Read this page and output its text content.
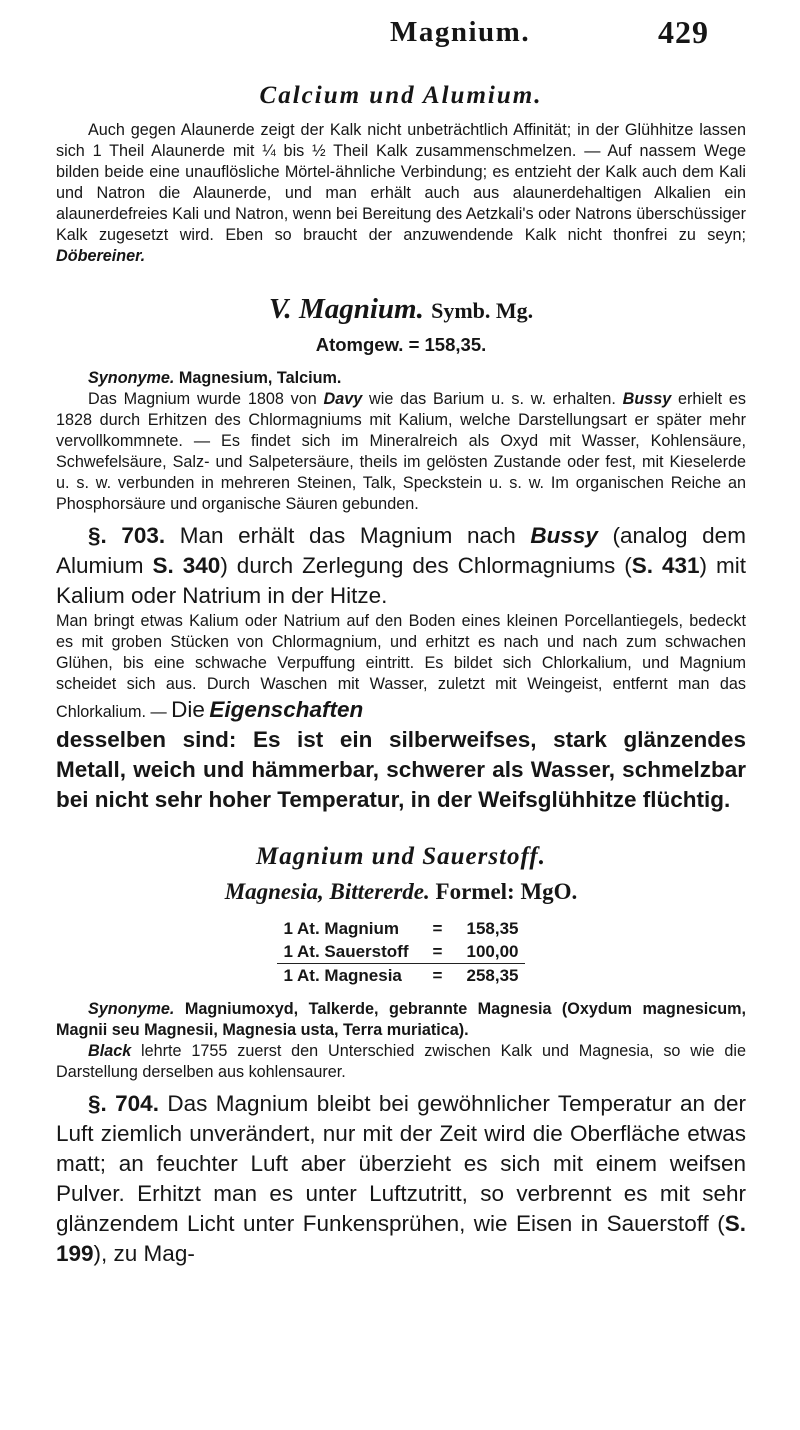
Magnium.	429
Calcium und Alumium.

Auch gegen Alaunerde zeigt der Kalk nicht unbeträchtlich Affinität; in der Glühhitze lassen sich 1 Theil Alaunerde mit ¼ bis ½ Theil Kalk zusammenschmelzen. — Auf nassem Wege bilden beide eine unauflösliche Mörtel-ähnliche Verbindung; es entzieht der Kalk auch dem Kali und Natron die Alaunerde, und man erhält auch aus alaunerdehaltigen Alkalien ein alaunerdefreies Kali und Natron, wenn bei Bereitung des Aetzkali's oder Natrons überschüssiger Kalk zugesetzt wird. Eben so braucht der anzuwendende Kalk nicht thonfrei zu seyn; Döbereiner.

V. Magnium. Symb. Mg.
Atomgew. = 158,35.

Synonyme. Magnesium, Talcium.

Das Magnium wurde 1808 von Davy wie das Barium u. s. w. erhalten. Bussy erhielt es 1828 durch Erhitzen des Chlormagniums mit Kalium, welche Darstellungsart er später mehr vervollkommnete. — Es findet sich im Mineralreich als Oxyd mit Wasser, Kohlensäure, Schwefelsäure, Salz- und Salpetersäure, theils im gelösten Zustande oder fest, mit Kieselerde u. s. w. verbunden in mehreren Steinen, Talk, Speckstein u. s. w. Im organischen Reiche an Phosphorsäure und organische Säuren gebunden.

§. 703. Man erhält das Magnium nach Bussy (analog dem Alumium S. 340) durch Zerlegung des Chlormagniums (S. 431) mit Kalium oder Natrium in der Hitze.

Man bringt etwas Kalium oder Natrium auf den Boden eines kleinen Porcellantiegels, bedeckt es mit groben Stücken von Chlormagnium, und erhitzt es nach und nach zum schwachen Glühen, bis eine schwache Verpuffung eintritt. Es bildet sich Chlorkalium, und Magnium scheidet sich aus. Durch Waschen mit Wasser, zuletzt mit Weingeist, entfernt man das Chlorkalium. — Die Eigenschaften

desselben sind: Es ist ein silberweifses, stark glänzendes Metall, weich und hämmerbar, schwerer als Wasser, schmelzbar bei nicht sehr hoher Temperatur, in der Weifsglühhitze flüchtig.

Magnium und Sauerstoff.
Magnesia, Bittererde. Formel: MgO.
1 At. Magnium	=	158,35
1 At. Sauerstoff	=	100,00
1 At. Magnesia	=	258,35

Synonyme. Magniumoxyd, Talkerde, gebrannte Magnesia (Oxydum magnesicum, Magnii seu Magnesii, Magnesia usta, Terra muriatica).

Black lehrte 1755 zuerst den Unterschied zwischen Kalk und Magnesia, so wie die Darstellung derselben aus kohlensaurer.

§. 704. Das Magnium bleibt bei gewöhnlicher Temperatur an der Luft ziemlich unverändert, nur mit der Zeit wird die Oberfläche etwas matt; an feuchter Luft aber überzieht es sich mit einem weifsen Pulver. Erhitzt man es unter Luftzutritt, so verbrennt es mit sehr glänzendem Licht unter Funkensprühen, wie Eisen in Sauerstoff (S. 199), zu Mag-
